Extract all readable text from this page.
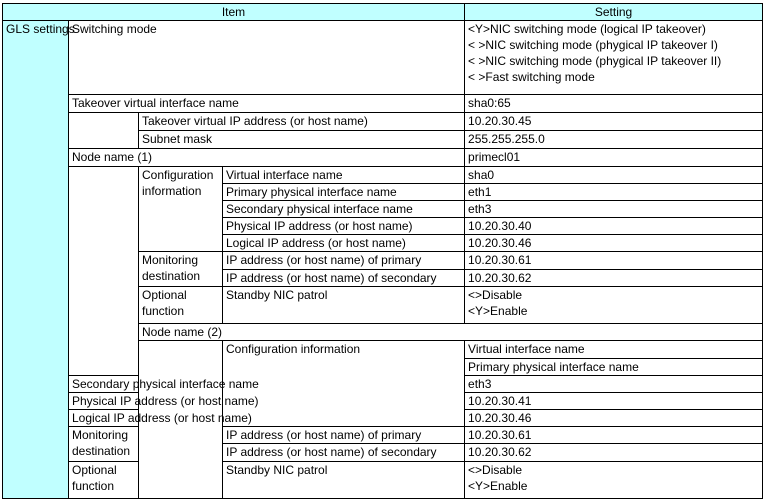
Item				Setting	
GLS settings	Switching mode			<Y>NIC switching mode (logical IP takeover)
< >NIC switching mode (phygical IP takeover I)
< >NIC switching mode (phygical IP takeover II)
< >Fast switching mode	

	Takeover virtual interface name			sha0:65	
		Takeover virtual IP address (or host name)		10.20.30.45	
		Subnet mask		255.255.255.0	
	Node name (1)			primecl01	
		Configuration information	Virtual interface name	sha0	
			Primary physical interface name	eth1	
			Secondary physical interface name	eth3	
			Physical IP address (or host name)	10.20.30.40	
			Logical IP address (or host name)	10.20.30.46	
		Monitoring destination	IP address (or host name) of primary	10.20.30.61	
			IP address (or host name) of secondary	10.20.30.62	
		Optional function	Standby NIC patrol	<>Disable
<Y>Enable	

		Node name (2)	
			Configuration information	Virtual interface name	
				Primary physical interface name	
	Secondary physical interface name			eth3	
	Physical IP address (or host name)			10.20.30.41	
	Logical IP address (or host name)			10.20.30.46	
	Monitoring destination		IP address (or host name) of primary	10.20.30.61	
			IP address (or host name) of secondary	10.20.30.62	
	Optional function		Standby NIC patrol	<>Disable
<Y>Enable	
